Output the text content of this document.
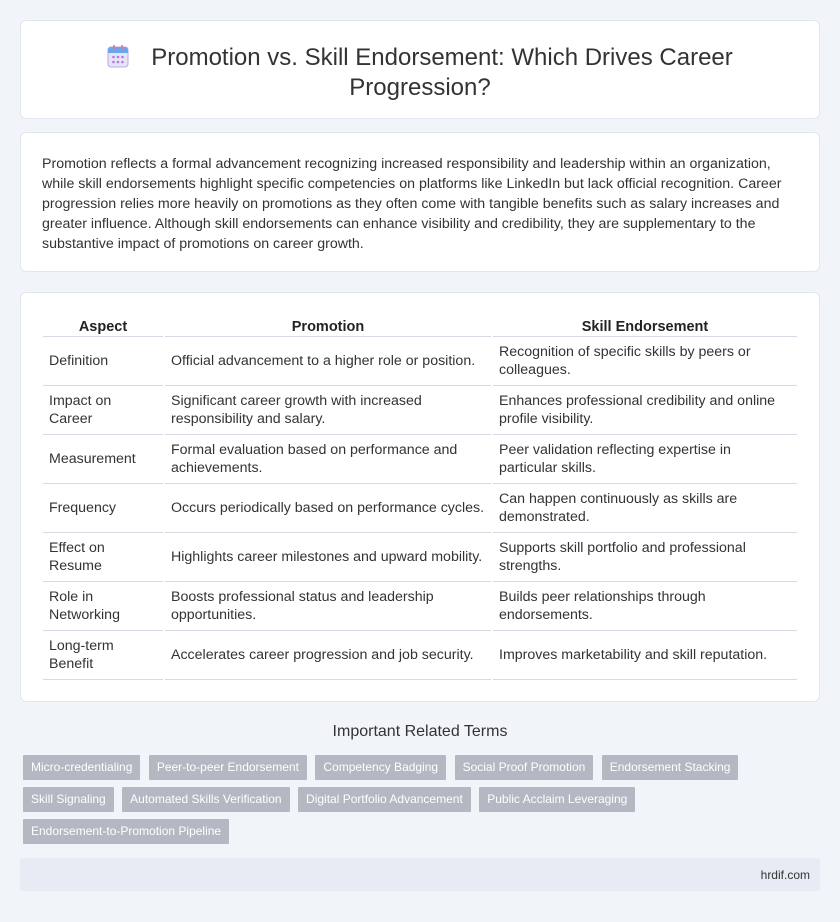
Promotion vs. Skill Endorsement: Which Drives Career Progression?

Promotion reflects a formal advancement recognizing increased responsibility and leadership within an organization, while skill endorsements highlight specific competencies on platforms like LinkedIn but lack official recognition. Career progression relies more heavily on promotions as they often come with tangible benefits such as salary increases and greater influence. Although skill endorsements can enhance visibility and credibility, they are supplementary to the substantive impact of promotions on career growth.

Aspect	Promotion	Skill Endorsement
Definition	Official advancement to a higher role or position.	Recognition of specific skills by peers or colleagues.
Impact on Career	Significant career growth with increased responsibility and salary.	Enhances professional credibility and online profile visibility.
Measurement	Formal evaluation based on performance and achievements.	Peer validation reflecting expertise in particular skills.
Frequency	Occurs periodically based on performance cycles.	Can happen continuously as skills are demonstrated.
Effect on Resume	Highlights career milestones and upward mobility.	Supports skill portfolio and professional strengths.
Role in Networking	Boosts professional status and leadership opportunities.	Builds peer relationships through endorsements.
Long-term Benefit	Accelerates career progression and job security.	Improves marketability and skill reputation.
Important Related Terms
Micro-credentialing Peer-to-peer Endorsement Competency Badging Social Proof Promotion Endorsement Stacking Skill Signaling Automated Skills Verification Digital Portfolio Advancement Public Acclaim Leveraging Endorsement-to-Promotion Pipeline
hrdif.com
